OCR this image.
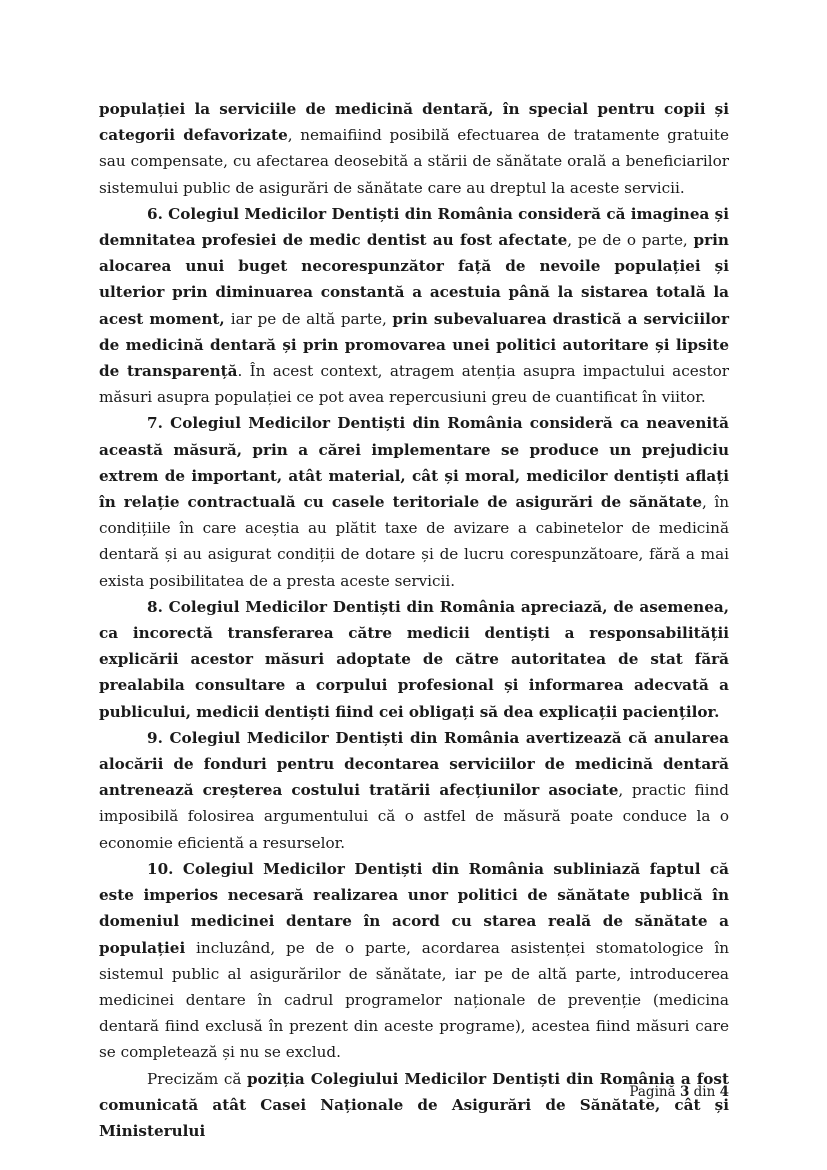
populației la serviciile de medicină dentară, în special pentru copii și categorii defavorizate, nemaifiind posibilă efectuarea de tratamente gratuite sau compensate, cu afectarea deosebită a stării de sănătate orală a beneficiarilor sistemului public de asigurări de sănătate care au dreptul la aceste servicii.

6. Colegiul Medicilor Dentiști din România consideră că imaginea și demnitatea profesiei de medic dentist au fost afectate, pe de o parte, prin alocarea unui buget necorespunzător față de nevoile populației și ulterior prin diminuarea constantă a acestuia până la sistarea totală la acest moment, iar pe de altă parte, prin subevaluarea drastică a serviciilor de medicină dentară și prin promovarea unei politici autoritare și lipsite de transparență. În acest context, atragem atenția asupra impactului acestor măsuri asupra populației ce pot avea repercusiuni greu de cuantificat în viitor.

7. Colegiul Medicilor Dentiști din România consideră ca neavenită această măsură, prin a cărei implementare se produce un prejudiciu extrem de important, atât material, cât și moral, medicilor dentiști aflați în relație contractuală cu casele teritoriale de asigurări de sănătate, în condițiile în care aceștia au plătit taxe de avizare a cabinetelor de medicină dentară și au asigurat condiții de dotare și de lucru corespunzătoare, fără a mai exista posibilitatea de a presta aceste servicii.

8. Colegiul Medicilor Dentiști din România apreciază, de asemenea, ca incorectă transferarea către medicii dentiști a responsabilității explicării acestor măsuri adoptate de către autoritatea de stat fără prealabila consultare a corpului profesional și informarea adecvată a publicului, medicii dentiști fiind cei obligați să dea explicații pacienților.

9. Colegiul Medicilor Dentiști din România avertizează că anularea alocării de fonduri pentru decontarea serviciilor de medicină dentară antrenează creșterea costului tratării afecțiunilor asociate, practic fiind imposibilă folosirea argumentului că o astfel de măsură poate conduce la o economie eficientă a resurselor.

10. Colegiul Medicilor Dentiști din România subliniază faptul că este imperios necesară realizarea unor politici de sănătate publică în domeniul medicinei dentare în acord cu starea reală de sănătate a populației incluzând, pe de o parte, acordarea asistenței stomatologice în sistemul public al asigurărilor de sănătate, iar pe de altă parte, introducerea medicinei dentare în cadrul programelor naționale de prevenție (medicina dentară fiind exclusă în prezent din aceste programe), acestea fiind măsuri care se completează și nu se exclud.

Precizăm că poziția Colegiului Medicilor Dentiști din România a fost comunicată atât Casei Naționale de Asigurări de Sănătate, cât și Ministerului

Pagină 3 din 4
